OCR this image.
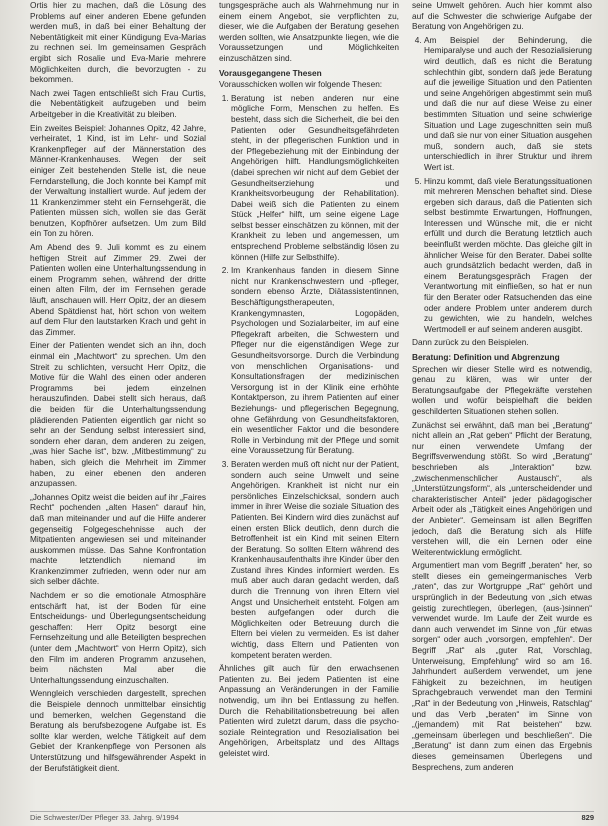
Ortis hier zu machen, daß die Lösung des Problems auf einer anderen Ebene gefunden werden muß, in daß bei einer Behaltung der Nebentätigkeit mit einer Kündigung Eva-Marias zu rechnen sei. Im gemeinsamen Gespräch ergibt sich Rosalie und Eva-Marie mehrere Möglichkeiten durch, die bevorzugten - zu bekommen.

Nach zwei Tagen entschließt sich Frau Curtis, die Nebentätigkeit aufzugeben und beim Arbeitgeber in die Kreativität zu bleiben.

Ein zweites Beispiel: Johannes Opitz, 42 Jahre, verheiratet, 1 Kind, ist im Lehr- und Sozial Krankenpfleger auf der Männerstation des Männer-Krankenhauses. Wegen der seit einiger Zeit bestehenden Stelle ist, die neue Ferndarstellung, die Joch konnte bei Kampf mit der Verwaltung installiert wurde. Auf jedem der 11 Krankenzimmer steht ein Fernsehgerät, die Patienten müssen sich, wollen sie das Gerät benutzen, Kopfhörer aufsetzen. Um zum Bild ein Ton zu hören.

Am Abend des 9. Juli kommt es zu einem heftigen Streit auf Zimmer 29. Zwei der Patienten wollen eine Unterhaltungssendung in einem Programm sehen, während der dritte einen alten Film, der im Fernsehen gerade läuft, anschauen will. Herr Opitz, der an diesem Abend Spätdienst hat, hört schon von weitem auf dem Flur den lautstarken Krach und geht in das Zimmer.

Einer der Patienten wendet sich an ihn, doch einmal ein „Machtwort“ zu sprechen. Um den Streit zu schlichten, versucht Herr Opitz, die Motive für die Wahl des einen oder anderen Programms bei jedem einzelnen herauszufinden. Dabei stellt sich heraus, daß die beiden für die Unterhaltungssendung plädierenden Patienten eigentlich gar nicht so sehr an der Sendung selbst interessiert sind, sondern eher daran, dem anderen zu zeigen, „was hier Sache ist“, bzw. „Mitbestimmung“ zu haben, sich gleich die Mehrheit im Zimmer haben, zu einer ebenen den anderen anzupassen.

„Johannes Opitz weist die beiden auf ihr „Faires Recht“ pochenden „alten Hasen“ darauf hin, daß man miteinander und auf die Hilfe anderer gegenseitig Folgegeschehnisse auch der Mitpatienten angewiesen sei und miteinander auskommen müsse. Das Sahne Konfrontation machte letztendlich niemand im Krankenzimmer zufrieden, wenn oder nur am sich selber dächte.

Nachdem er so die emotionale Atmosphäre entschärft hat, ist der Boden für eine Entscheidungs- und Überlegungsentscheidung geschaffen: Herr Opitz besorgt eine Fernsehzeitung und alle Beteiligten besprechen (unter dem „Machtwort“ von Herrn Opitz), sich den Film im anderen Programm anzusehen, beim nächsten Mal aber die Unterhaltungssendung einzuschalten.

Wenngleich verschieden dargestellt, sprechen die Beispiele dennoch unmittelbar einsichtig und bemerken, welchen Gegenstand die Beratung als berufsbezogene Aufgabe ist. Es sollte klar werden, welche Tätigkeit auf dem Gebiet der Krankenpflege von Personen als Unterstützung und hilfsgewährender Aspekt in der Berufstätigkeit dient.

tungsgespräche auch als Wahrnehmung nur in einem einem Angebot, sie verpflichten zu, dieser, wie die Aufgaben der Beratung gesehen werden sollten, wie Ansatzpunkte liegen, wie die Voraussetzungen und Möglichkeiten einzuschätzen sind.

Vorausgegangene Thesen

Vorausschicken wollen wir folgende Thesen:

1. Beratung ist neben anderen nur eine mögliche Form, Menschen zu helfen. Es besteht, dass sich die Sicherheit, die bei den Patienten oder Gesundheitsgefährdeten steht, in der pflegerischen Funktion und in der Pflegebeziehung mit der Einbindung der Angehörigen hilft. Handlungsmöglichkeiten (dabei sprechen wir nicht auf dem Gebiet der Gesundheitserziehung und Krankheitsvorbeugung der Rehabilitation). Dabei weiß sich die Patienten zu einem Stück „Helfer“ hilft, um seine eigene Lage selbst besser einschätzen zu können, mit der Krankheit zu leben und angemessen, um entsprechend Probleme selbständig lösen zu können (Hilfe zur Selbsthilfe).
2. Im Krankenhaus fanden in diesem Sinne nicht nur Krankenschwestern und -pfleger, sondern ebenso Ärzte, Diätassistentinnen, Beschäftigungstherapeuten, Krankengymnasten, Logopäden, Psychologen und Sozialarbeiter, im auf eine Pflegekraft arbeiten, die Schwestern und Pfleger nur die eigenständigen Wege zur Gesundheitsvorsorge. Durch die Verbindung von menschlichen Organisations- und Konsultationsfragen der medizinischen Versorgung ist in der Klinik eine erhöhte Kontaktperson, zu ihrem Patienten auf einer Beziehungs- und pflegerischen Begegnung, ohne Gefährdung von Gesundheitsfaktoren, ein wesentlicher Faktor und die besondere Rolle in Verbindung mit der Pflege und somit eine Voraussetzung für Beratung.
3. Beraten werden muß oft nicht nur der Patient, sondern auch seine Umwelt und seine Angehörigen. Krankheit ist nicht nur ein persönliches Einzelschicksal, sondern auch immer in ihrer Weise die soziale Situation des Patienten. Bei Kindern wird dies zunächst auf einen ersten Blick deutlich, denn durch die Betroffenheit ist ein Kind mit seinen Eltern der Beratung. So sollten Eltern während des Krankenhausaufenthalts ihre Kinder über den Zustand ihres Kindes informiert werden. Es muß aber auch daran gedacht werden, daß durch die Trennung von ihren Eltern viel Angst und Unsicherheit entsteht. Folgen am besten aufgefangen oder durch die Möglichkeiten oder Betreuung durch die Eltern bei vielen zu vermeiden. Es ist daher wichtig, dass Eltern und Patienten von kompetent beraten werden.

Ähnliches gilt auch für den erwachsenen Patienten zu. Bei jedem Patienten ist eine Anpassung an Veränderungen in der Familie notwendig, um ihn bei Entlassung zu helfen. Durch die Rehabilitationsbetreuung bei allen Patienten wird zuletzt darum, dass die psycho-soziale Reintegration und Resozialisation bei Angehörigen, Arbeitsplatz und des Alltags geleistet wird.

seine Umwelt gehören. Auch hier kommt also auf die Schwester die schwierige Aufgabe der Beratung von Angehörigen zu.

4. Am Beispiel der Behinderung, die Hemiparalyse und auch der Resozialisierung wird deutlich, daß es nicht die Beratung schlechthin gibt, sondern daß jede Beratung auf die jeweilige Situation und den Patienten und seine Angehörigen abgestimmt sein muß und daß die nur auf diese Weise zu einer bestimmten Situation und seine schwierige Situation und Lage zugeschnitten sein muß und daß sie nur von einer Situation ausgehen muß, sondern auch, daß sie stets unterschiedlich in ihrer Struktur und ihrem Wert ist.
5. Hinzu kommt, daß viele Beratungssituationen mit mehreren Menschen behaftet sind. Diese ergeben sich daraus, daß die Patienten sich selbst bestimmte Erwartungen, Hoffnungen, Interessen und Wünsche mit, die er nicht erfüllt und durch die Beratung letztlich auch beeinflußt werden möchte. Das gleiche gilt in ähnlicher Weise für den Berater. Dabei sollte auch grundsätzlich bedacht werden, daß in einem Beratungsgespräch Fragen der Verantwortung mit einfließen, so hat er nun für den Berater oder Ratsuchenden das eine oder andere Problem unter anderem durch zu gewichten, wie zu handeln, welches Wertmodell er auf seinem anderen ausgibt.

Dann zurück zu den Beispielen.

Beratung: Definition und Abgrenzung

Sprechen wir dieser Stelle wird es notwendig, genau zu klären, was wir unter der Beratungsaufgabe der Pflegekräfte verstehen wollen und wofür beispielhaft die beiden geschilderten Situationen stehen sollen.

Zunächst sei erwähnt, daß man bei „Beratung“ nicht allein an „Rat geben“ Pflicht der Beratung, nur einen verwendete Umfang der Begriffsverwendung stößt. So wird „Beratung“ beschrieben als „Interaktion“ bzw. „zwischenmenschlicher Austausch“, als „Unterstützungsform“, als „unterscheidender und charakteristischer Anteil“ jeder pädagogischer Arbeit oder als „Tätigkeit eines Angehörigen und der Anbieter“. Gemeinsam ist allen Begriffen jedoch, daß die Beratung sich als Hilfe verstehen will, die ein Lernen oder eine Weiterentwicklung ermöglicht.

Argumentiert man vom Begriff „beraten“ her, so stellt dieses ein gemeingermanisches Verb „raten“, das zur Wortgruppe „Rat“ gehört und ursprünglich in der Bedeutung von „sich etwas geistig zurechtlegen, überlegen, (aus-)sinnen“ verwendet wurde. Im Laufe der Zeit wurde es dann auch verwendet im Sinne von „für etwas sorgen“ oder auch „vorsorgen, empfehlen“. Der Begriff „Rat“ als „guter Rat, Vorschlag, Unterweisung, Empfehlung“ wird so am 16. Jahrhundert außerdem verwendet, um jene Fähigkeit zu bezeichnen, im heutigen Sprachgebrauch verwendet man den Termini „Rat“ in der Bedeutung von „Hinweis, Ratschlag“ und das Verb „beraten“ im Sinne von „(jemandem) mit Rat beistehen“ bzw. „gemeinsam überlegen und beschließen“. Die „Beratung“ ist dann zum einen das Ergebnis dieses gemeinsamen Überlegens und Besprechens, zum anderen

Die Schwester/Der Pfleger 33. Jahrg. 9/1994	829
